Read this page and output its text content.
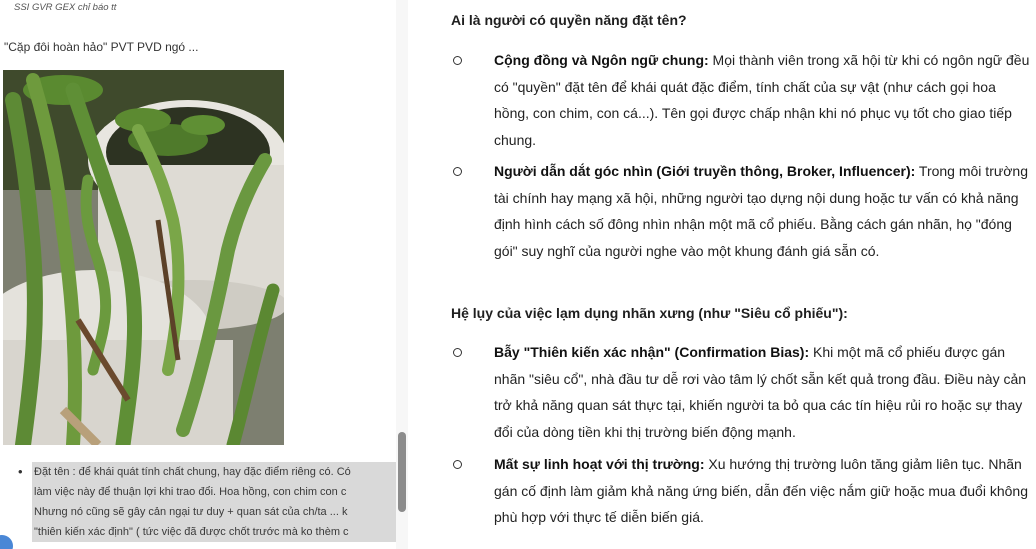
SSI GVR GEX chỉ báo tt
"Cặp đôi hoàn hảo" PVT PVD ngó ...
• Đặt tên : để khái quát tính chất chung, hay đặc điểm riêng có. Có
làm việc này để thuận lợi khi trao đổi. Hoa hồng, con chim con c
Nhưng nó cũng sẽ gây cản ngại tư duy + quan sát của ch/ta ... k
"thiên kiến xác định" ( tức việc đã được chốt trước mà ko thèm c
Ai là người có quyền năng đặt tên?
Cộng đồng và Ngôn ngữ chung: Mọi thành viên trong xã hội từ khi có ngôn ngữ đều có "quyền" đặt tên để khái quát đặc điểm, tính chất của sự vật (như cách gọi hoa hồng, con chim, con cá...). Tên gọi được chấp nhận khi nó phục vụ tốt cho giao tiếp chung.
Người dẫn dắt góc nhìn (Giới truyền thông, Broker, Influencer): Trong môi trường tài chính hay mạng xã hội, những người tạo dựng nội dung hoặc tư vấn có khả năng định hình cách số đông nhìn nhận một mã cổ phiếu. Bằng cách gán nhãn, họ "đóng gói" suy nghĩ của người nghe vào một khung đánh giá sẵn có.
Hệ lụy của việc lạm dụng nhãn xưng (như "Siêu cổ phiếu"):
Bẫy "Thiên kiến xác nhận" (Confirmation Bias): Khi một mã cổ phiếu được gán nhãn "siêu cổ", nhà đầu tư dễ rơi vào tâm lý chốt sẵn kết quả trong đầu. Điều này cản trở khả năng quan sát thực tại, khiến người ta bỏ qua các tín hiệu rủi ro hoặc sự thay đổi của dòng tiền khi thị trường biến động mạnh.
Mất sự linh hoạt với thị trường: Xu hướng thị trường luôn tăng giảm liên tục. Nhãn gán cố định làm giảm khả năng ứng biến, dẫn đến việc nắm giữ hoặc mua đuổi không phù hợp với thực tế diễn biến giá.
